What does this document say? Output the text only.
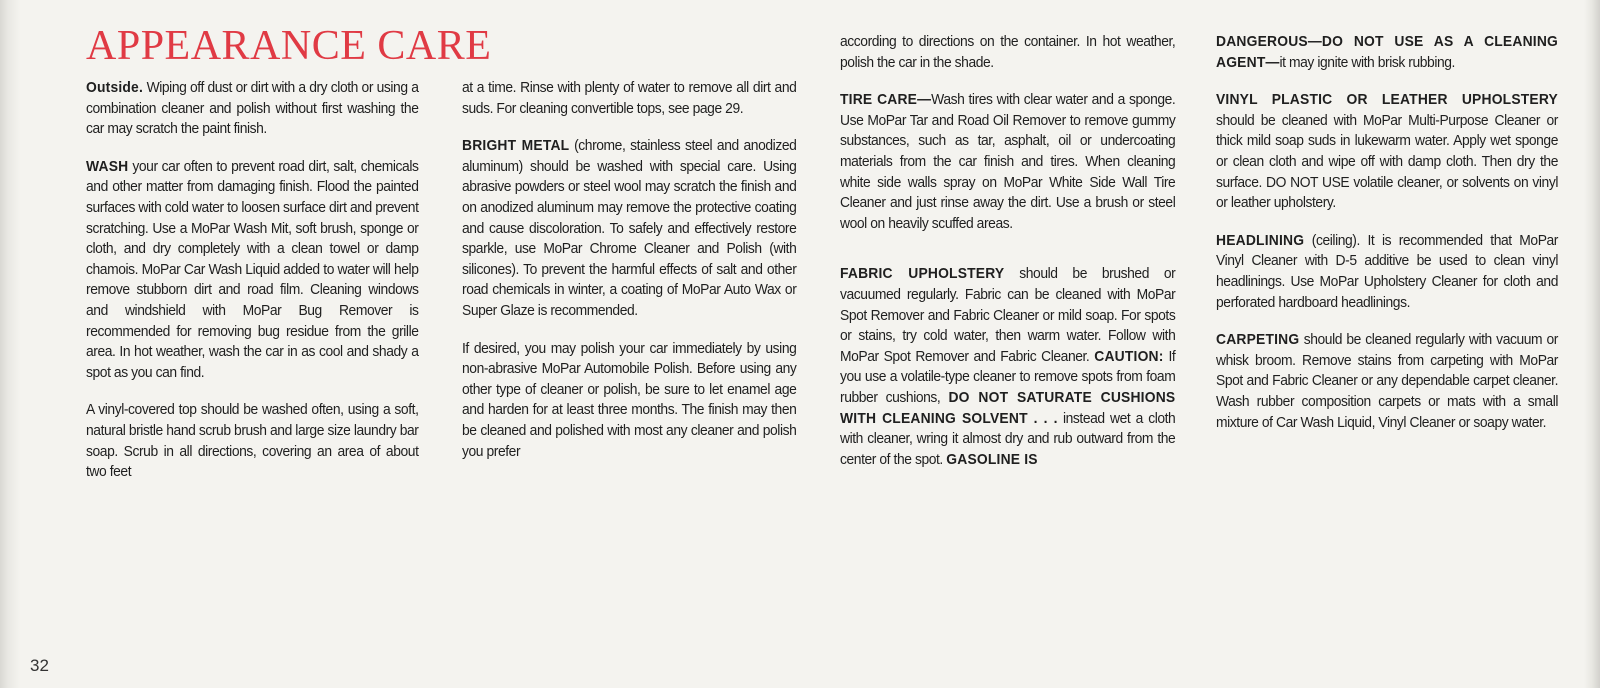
APPEARANCE CARE

Outside. Wiping off dust or dirt with a dry cloth or using a combination cleaner and polish without first washing the car may scratch the paint finish.

WASH your car often to prevent road dirt, salt, chemicals and other matter from damaging finish. Flood the painted surfaces with cold water to loosen surface dirt and prevent scratching. Use a MoPar Wash Mit, soft brush, sponge or cloth, and dry completely with a clean towel or damp chamois. MoPar Car Wash Liquid added to water will help remove stubborn dirt and road film. Cleaning windows and windshield with MoPar Bug Remover is recommended for removing bug residue from the grille area. In hot weather, wash the car in as cool and shady a spot as you can find.

A vinyl-covered top should be washed often, using a soft, natural bristle hand scrub brush and large size laundry bar soap. Scrub in all directions, covering an area of about two feet

at a time. Rinse with plenty of water to remove all dirt and suds. For cleaning convertible tops, see page 29.

BRIGHT METAL (chrome, stainless steel and anodized aluminum) should be washed with special care. Using abrasive powders or steel wool may scratch the finish and on anodized aluminum may remove the protective coating and cause discoloration. To safely and effectively restore sparkle, use MoPar Chrome Cleaner and Polish (with silicones). To prevent the harmful effects of salt and other road chemicals in winter, a coating of MoPar Auto Wax or Super Glaze is recommended.

If desired, you may polish your car immediately by using non-abrasive MoPar Automobile Polish. Before using any other type of cleaner or polish, be sure to let enamel age and harden for at least three months. The finish may then be cleaned and polished with most any cleaner and polish you prefer

according to directions on the container. In hot weather, polish the car in the shade.

TIRE CARE—Wash tires with clear water and a sponge. Use MoPar Tar and Road Oil Remover to remove gummy substances, such as tar, asphalt, oil or undercoating materials from the car finish and tires. When cleaning white side walls spray on MoPar White Side Wall Tire Cleaner and just rinse away the dirt. Use a brush or steel wool on heavily scuffed areas.

FABRIC UPHOLSTERY should be brushed or vacuumed regularly. Fabric can be cleaned with MoPar Spot Remover and Fabric Cleaner or mild soap. For spots or stains, try cold water, then warm water. Follow with MoPar Spot Remover and Fabric Cleaner. CAUTION: If you use a volatile-type cleaner to remove spots from foam rubber cushions, DO NOT SATURATE CUSHIONS WITH CLEANING SOLVENT . . . instead wet a cloth with cleaner, wring it almost dry and rub outward from the center of the spot. GASOLINE IS

DANGEROUS—DO NOT USE AS A CLEANING AGENT—it may ignite with brisk rubbing.

VINYL PLASTIC OR LEATHER UPHOLSTERY should be cleaned with MoPar Multi-Purpose Cleaner or thick mild soap suds in lukewarm water. Apply wet sponge or clean cloth and wipe off with damp cloth. Then dry the surface. DO NOT USE volatile cleaner, or solvents on vinyl or leather upholstery.

HEADLINING (ceiling). It is recommended that MoPar Vinyl Cleaner with D-5 additive be used to clean vinyl headlinings. Use MoPar Upholstery Cleaner for cloth and perforated hardboard headlinings.

CARPETING should be cleaned regularly with vacuum or whisk broom. Remove stains from carpeting with MoPar Spot and Fabric Cleaner or any dependable carpet cleaner. Wash rubber composition carpets or mats with a small mixture of Car Wash Liquid, Vinyl Cleaner or soapy water.

32
